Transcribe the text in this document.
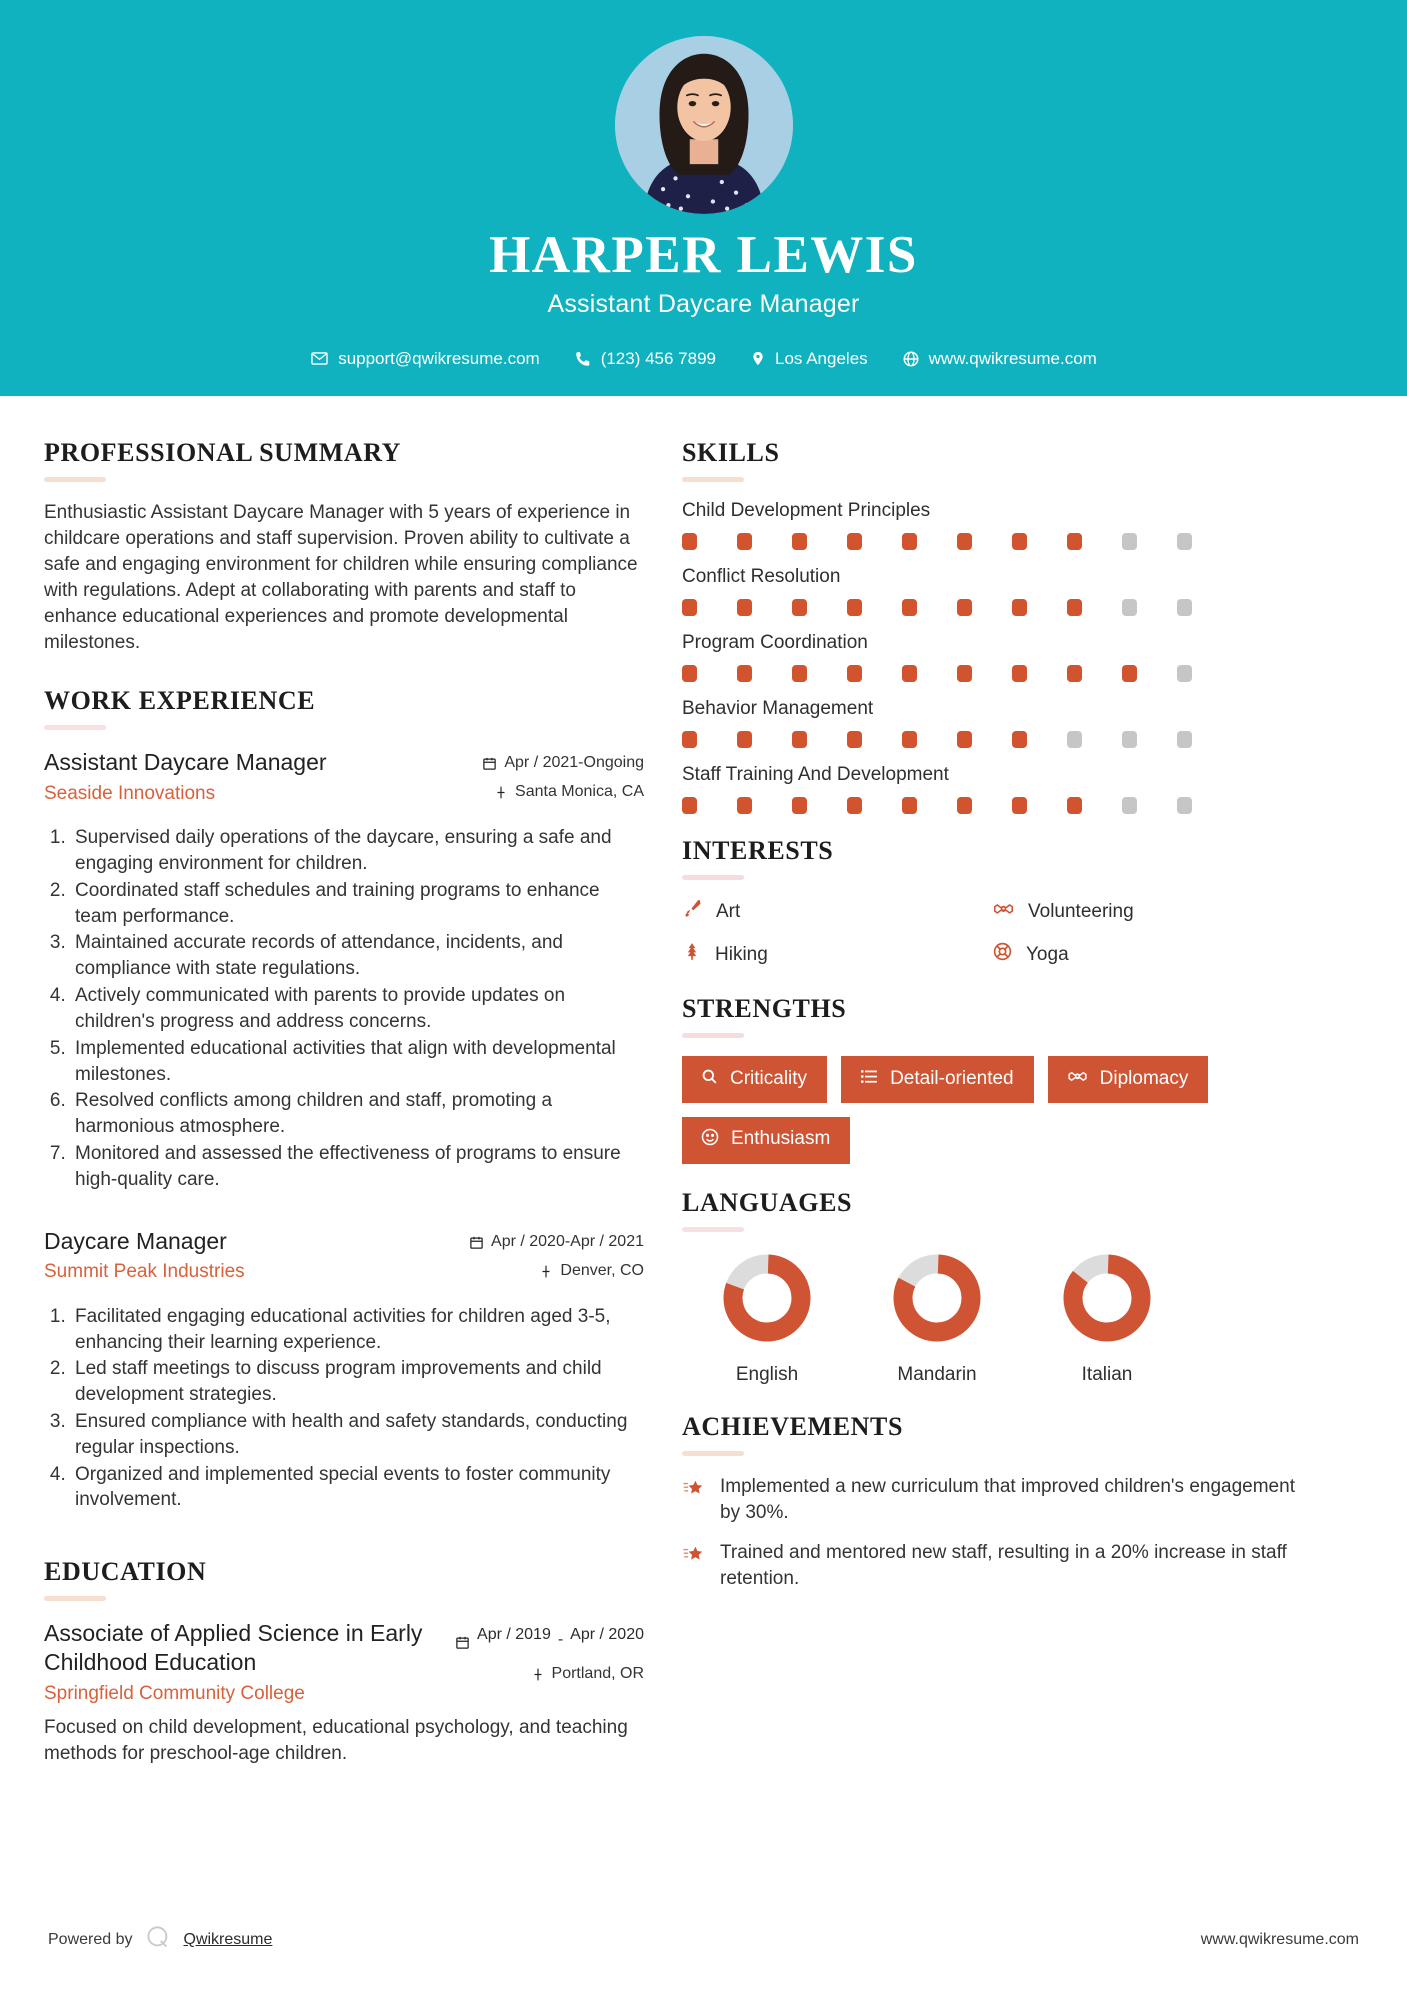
HARPER LEWIS
Assistant Daycare Manager
support@qwikresume.com	(123) 456 7899	Los Angeles	www.qwikresume.com
PROFESSIONAL SUMMARY
Enthusiastic Assistant Daycare Manager with 5 years of experience in childcare operations and staff supervision. Proven ability to cultivate a safe and engaging environment for children while ensuring compliance with regulations. Adept at collaborating with parents and staff to enhance educational experiences and promote developmental milestones.
WORK EXPERIENCE
Assistant Daycare Manager
Seaside Innovations
Apr / 2021-Ongoing
Santa Monica, CA
1. Supervised daily operations of the daycare, ensuring a safe and engaging environment for children.
2. Coordinated staff schedules and training programs to enhance team performance.
3. Maintained accurate records of attendance, incidents, and compliance with state regulations.
4. Actively communicated with parents to provide updates on children's progress and address concerns.
5. Implemented educational activities that align with developmental milestones.
6. Resolved conflicts among children and staff, promoting a harmonious atmosphere.
7. Monitored and assessed the effectiveness of programs to ensure high-quality care.
Daycare Manager
Summit Peak Industries
Apr / 2020-Apr / 2021
Denver, CO
1. Facilitated engaging educational activities for children aged 3-5, enhancing their learning experience.
2. Led staff meetings to discuss program improvements and child development strategies.
3. Ensured compliance with health and safety standards, conducting regular inspections.
4. Organized and implemented special events to foster community involvement.
EDUCATION
Associate of Applied Science in Early Childhood Education
Springfield Community College
Apr / 2019 - Apr / 2020
Portland, OR
Focused on child development, educational psychology, and teaching methods for preschool-age children.
SKILLS
Child Development Principles
Conflict Resolution
Program Coordination
Behavior Management
Staff Training And Development
INTERESTS
Art	Volunteering
Hiking	Yoga
STRENGTHS
Criticality	Detail-oriented	Diplomacy
Enthusiasm
LANGUAGES
English	Mandarin	Italian
ACHIEVEMENTS
Implemented a new curriculum that improved children's engagement by 30%.
Trained and mentored new staff, resulting in a 20% increase in staff retention.
Powered by	Qwikresume	www.qwikresume.com
